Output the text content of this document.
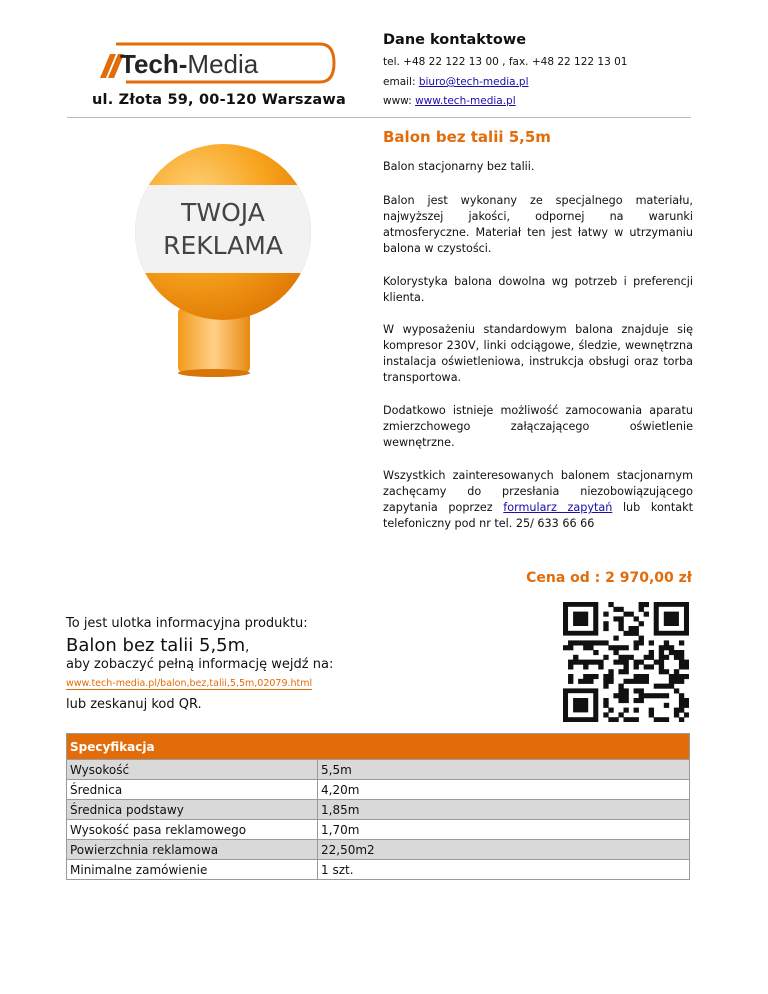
Tech-Media
ul. Złota 59, 00-120 Warszawa
Dane kontaktowe
tel. +48 22 122 13 00 , fax. +48 22 122 13 01
email: biuro@tech-media.pl
www: www.tech-media.pl
Balon bez talii 5,5m
TWOJA
REKLAMA
Balon stacjonarny bez talii.
Balon jest wykonany ze specjalnego materiału, najwyższej jakości, odpornej na warunki atmosferyczne. Materiał ten jest łatwy w utrzymaniu balona w czystości.
Kolorystyka balona dowolna wg potrzeb i preferencji klienta.
W wyposażeniu standardowym balona znajduje się kompresor 230V, linki odciągowe, śledzie, wewnętrzna instalacja oświetleniowa, instrukcja obsługi oraz torba transportowa.
Dodatkowo istnieje możliwość zamocowania aparatu zmierzchowego załączającego oświetlenie wewnętrzne.
Wszystkich zainteresowanych balonem stacjonarnym zachęcamy do przesłania niezobowiązującego zapytania poprzez formularz zapytań lub kontakt telefoniczny pod nr tel. 25/ 633 66 66
Cena od : 2 970,00 zł
To jest ulotka informacyjna produktu:
Balon bez talii 5,5m,
aby zobaczyć pełną informację wejdź na:
www.tech-media.pl/balon,bez,talii,5,5m,02079.html
lub zeskanuj kod QR.
Specyfikacja	
Wysokość	5,5m
Średnica	4,20m
Średnica podstawy	1,85m
Wysokość pasa reklamowego	1,70m
Powierzchnia reklamowa	22,50m2
Minimalne zamówienie	1 szt.
